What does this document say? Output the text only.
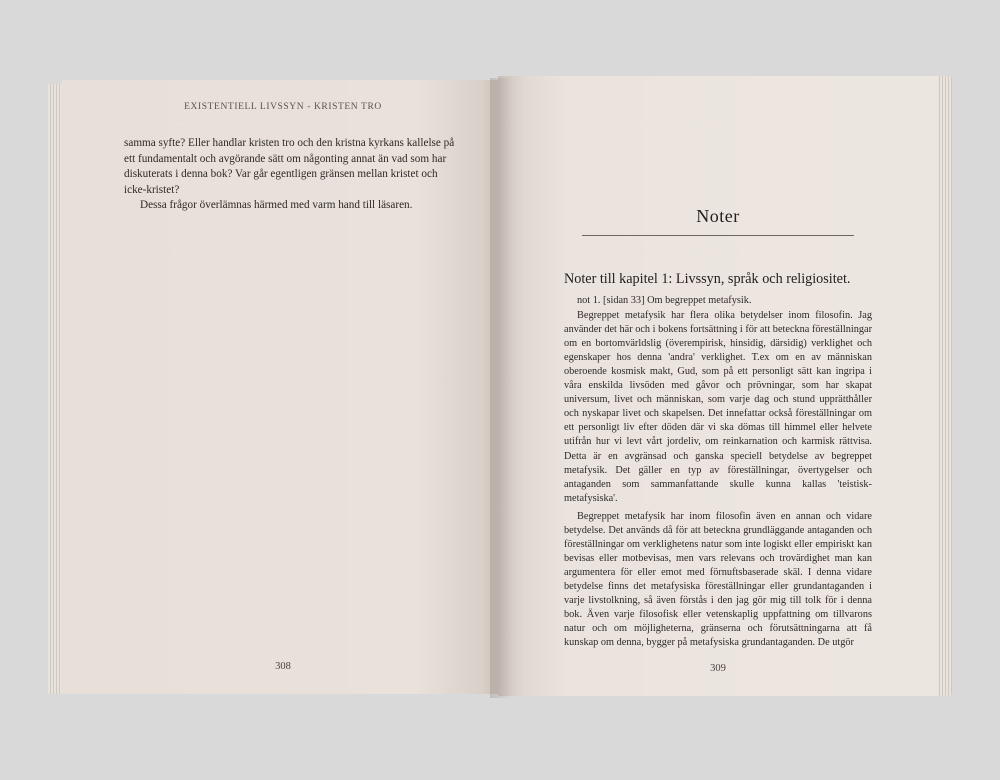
EXISTENTIELL LIVSSYN - KRISTEN TRO

samma syfte? Eller handlar kristen tro och den kristna kyrkans kallelse på ett fundamentalt och avgörande sätt om någonting annat än vad som har diskuterats i denna bok? Var går egentligen gränsen mellan kristet och icke-kristet?

Dessa frågor överlämnas härmed med varm hand till läsaren.

308
Noter
Noter till kapitel 1: Livssyn, språk och religiositet.

not 1. [sidan 33] Om begreppet metafysik.

Begreppet metafysik har flera olika betydelser inom filosofin. Jag använder det här och i bokens fortsättning i för att beteckna föreställningar om en bortomvärldslig (överempirisk, hinsidig, därsidig) verklighet och egenskaper hos denna 'andra' verklighet. T.ex om en av människan oberoende kosmisk makt, Gud, som på ett personligt sätt kan ingripa i våra enskilda livsöden med gåvor och prövningar, som har skapat universum, livet och människan, som varje dag och stund upprätthåller och nyskapar livet och skapelsen. Det innefattar också föreställningar om ett personligt liv efter döden där vi ska dömas till himmel eller helvete utifrån hur vi levt vårt jordeliv, om reinkarnation och karmisk rättvisa. Detta är en avgränsad och ganska speciell betydelse av begreppet metafysik. Det gäller en typ av föreställningar, övertygelser och antaganden som sammanfattande skulle kunna kallas 'teistisk-metafysiska'.

Begreppet metafysik har inom filosofin även en annan och vidare betydelse. Det används då för att beteckna grundläggande antaganden och föreställningar om verklighetens natur som inte logiskt eller empiriskt kan bevisas eller motbevisas, men vars relevans och trovärdighet man kan argumentera för eller emot med förnuftsbaserade skäl. I denna vidare betydelse finns det metafysiska föreställningar eller grundantaganden i varje livstolkning, så även förstås i den jag gör mig till tolk för i denna bok. Även varje filosofisk eller vetenskaplig uppfattning om tillvarons natur och om möjligheterna, gränserna och förutsättningarna att få kunskap om denna, bygger på metafysiska grundantaganden. De utgör

309
